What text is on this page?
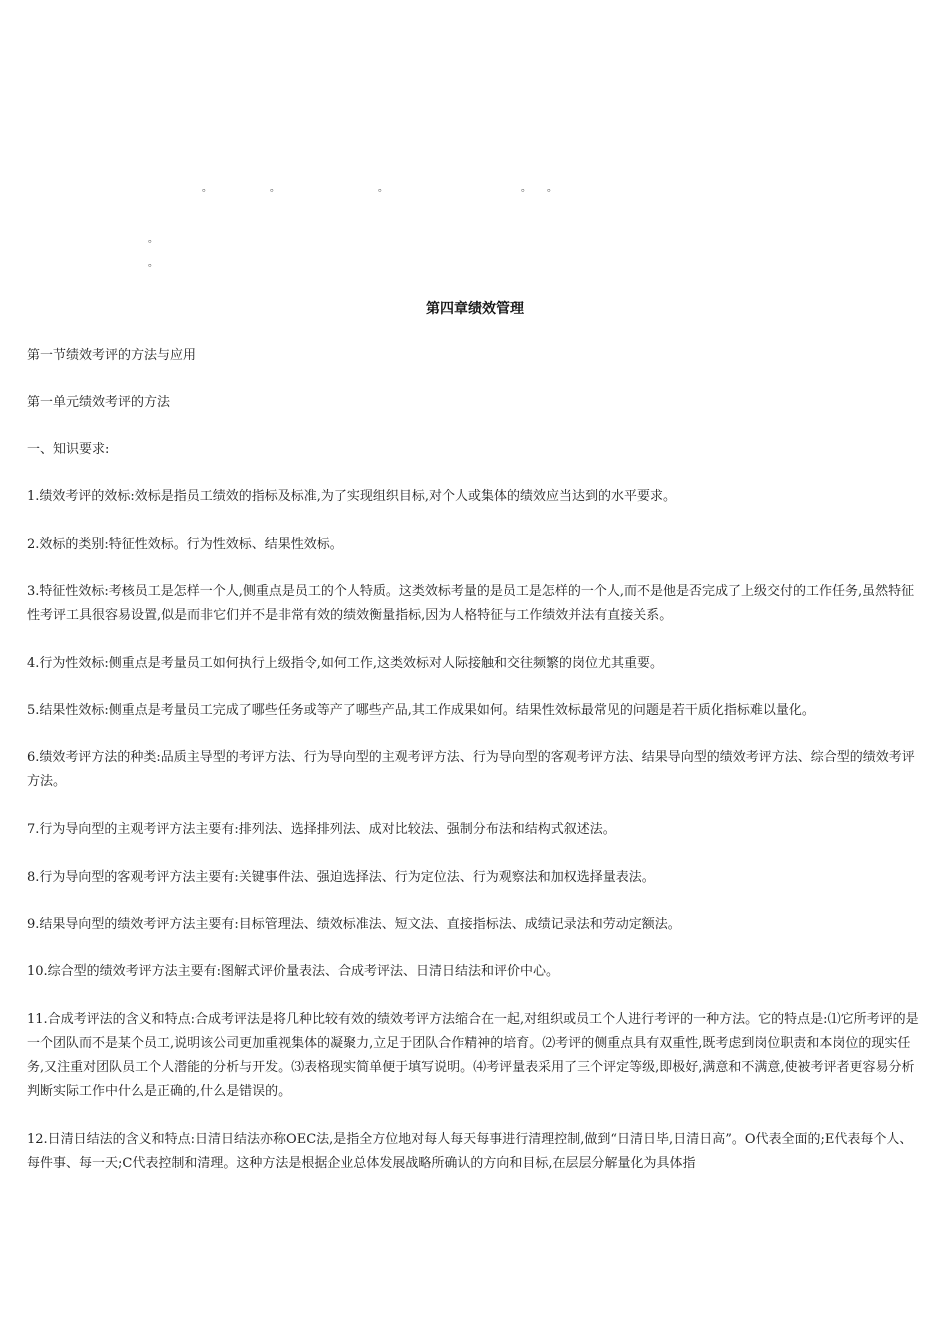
。	。	。	。 。
。
。
第四章绩效管理

第一节绩效考评的方法与应用

第一单元绩效考评的方法

一、知识要求:

1.绩效考评的效标:效标是指员工绩效的指标及标准,为了实现组织目标,对个人或集体的绩效应当达到的水平要求。

2.效标的类别:特征性效标。行为性效标、结果性效标。

3.特征性效标:考核员工是怎样一个人,侧重点是员工的个人特质。这类效标考量的是员工是怎样的一个人,而不是他是否完成了上级交付的工作任务,虽然特征性考评工具很容易设置,似是而非它们并不是非常有效的绩效衡量指标,因为人格特征与工作绩效并法有直接关系。

4.行为性效标:侧重点是考量员工如何执行上级指令,如何工作,这类效标对人际接触和交往频繁的岗位尤其重要。

5.结果性效标:侧重点是考量员工完成了哪些任务或等产了哪些产品,其工作成果如何。结果性效标最常见的问题是若干质化指标难以量化。

6.绩效考评方法的种类:品质主导型的考评方法、行为导向型的主观考评方法、行为导向型的客观考评方法、结果导向型的绩效考评方法、综合型的绩效考评方法。

7.行为导向型的主观考评方法主要有:排列法、选择排列法、成对比较法、强制分布法和结构式叙述法。

8.行为导向型的客观考评方法主要有:关键事件法、强迫选择法、行为定位法、行为观察法和加权选择量表法。

9.结果导向型的绩效考评方法主要有:目标管理法、绩效标准法、短文法、直接指标法、成绩记录法和劳动定额法。

10.综合型的绩效考评方法主要有:图解式评价量表法、合成考评法、日清日结法和评价中心。

11.合成考评法的含义和特点:合成考评法是将几种比较有效的绩效考评方法缩合在一起,对组织或员工个人进行考评的一种方法。它的特点是:⑴它所考评的是一个团队而不是某个员工,说明该公司更加重视集体的凝聚力,立足于团队合作精神的培育。⑵考评的侧重点具有双重性,既考虑到岗位职责和本岗位的现实任务,又注重对团队员工个人潜能的分析与开发。⑶表格现实简单便于填写说明。⑷考评量表采用了三个评定等级,即极好,满意和不满意,使被考评者更容易分析判断实际工作中什么是正确的,什么是错误的。

12.日清日结法的含义和特点:日清日结法亦称OEC法,是指全方位地对每人每天每事进行清理控制,做到“日清日毕,日清日高”。O代表全面的;E代表每个人、每件事、每一天;C代表控制和清理。这种方法是根据企业总体发展战略所确认的方向和目标,在层层分解量化为具体指
